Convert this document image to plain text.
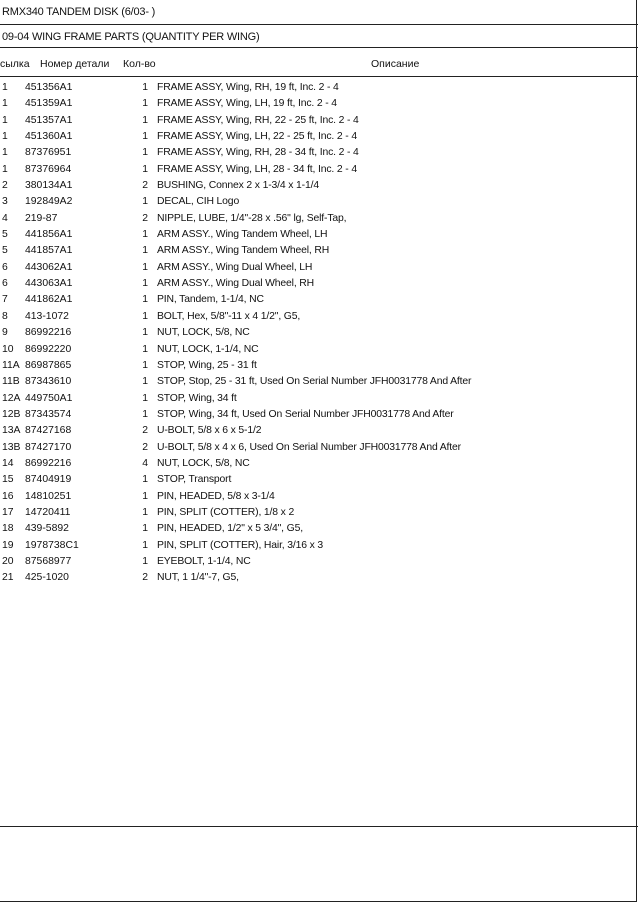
RMX340 TANDEM DISK (6/03- )
09-04 WING FRAME PARTS (QUANTITY PER WING)
сылка Номер детали Кол-во	Описание
1 451356A1	1 FRAME ASSY, Wing, RH, 19 ft, Inc. 2 - 4
1 451359A1	1 FRAME ASSY, Wing, LH, 19 ft, Inc. 2 - 4
1 451357A1	1 FRAME ASSY, Wing, RH, 22 - 25 ft, Inc. 2 - 4
1 451360A1	1 FRAME ASSY, Wing, LH, 22 - 25 ft, Inc. 2 - 4
1 87376951	1 FRAME ASSY, Wing, RH, 28 - 34 ft, Inc. 2 - 4
1 87376964	1 FRAME ASSY, Wing, LH, 28 - 34 ft, Inc. 2 - 4
2 380134A1	2 BUSHING, Connex 2 x 1-3/4 x 1-1/4
3 192849A2	1 DECAL, CIH Logo
4 219-87	2 NIPPLE, LUBE, 1/4"-28 x .56" lg, Self-Tap,
5 441856A1	1 ARM ASSY., Wing Tandem Wheel, LH
5 441857A1	1 ARM ASSY., Wing Tandem Wheel, RH
6 443062A1	1 ARM ASSY., Wing Dual Wheel, LH
6 443063A1	1 ARM ASSY., Wing Dual Wheel, RH
7 441862A1	1 PIN, Tandem, 1-1/4, NC
8 413-1072	1 BOLT, Hex, 5/8"-11 x 4 1/2", G5,
9 86992216	1 NUT, LOCK, 5/8, NC
10 86992220	1 NUT, LOCK, 1-1/4, NC
11A 86987865	1 STOP, Wing, 25 - 31 ft
11B 87343610	1 STOP, Stop, 25 - 31 ft, Used On Serial Number JFH0031778 And After
12A 449750A1	1 STOP, Wing, 34 ft
12B 87343574	1 STOP, Wing, 34 ft, Used On Serial Number JFH0031778 And After
13A 87427168	2 U-BOLT, 5/8 x 6 x 5-1/2
13B 87427170	2 U-BOLT, 5/8 x 4 x 6, Used On Serial Number JFH0031778 And After
14 86992216	4 NUT, LOCK, 5/8, NC
15 87404919	1 STOP, Transport
16 14810251	1 PIN, HEADED, 5/8 x 3-1/4
17 14720411	1 PIN, SPLIT (COTTER), 1/8 x 2
18 439-5892	1 PIN, HEADED, 1/2" x 5 3/4", G5,
19 1978738C1	1 PIN, SPLIT (COTTER), Hair, 3/16 x 3
20 87568977	1 EYEBOLT, 1-1/4, NC
21 425-1020	2 NUT, 1 1/4"-7, G5,
